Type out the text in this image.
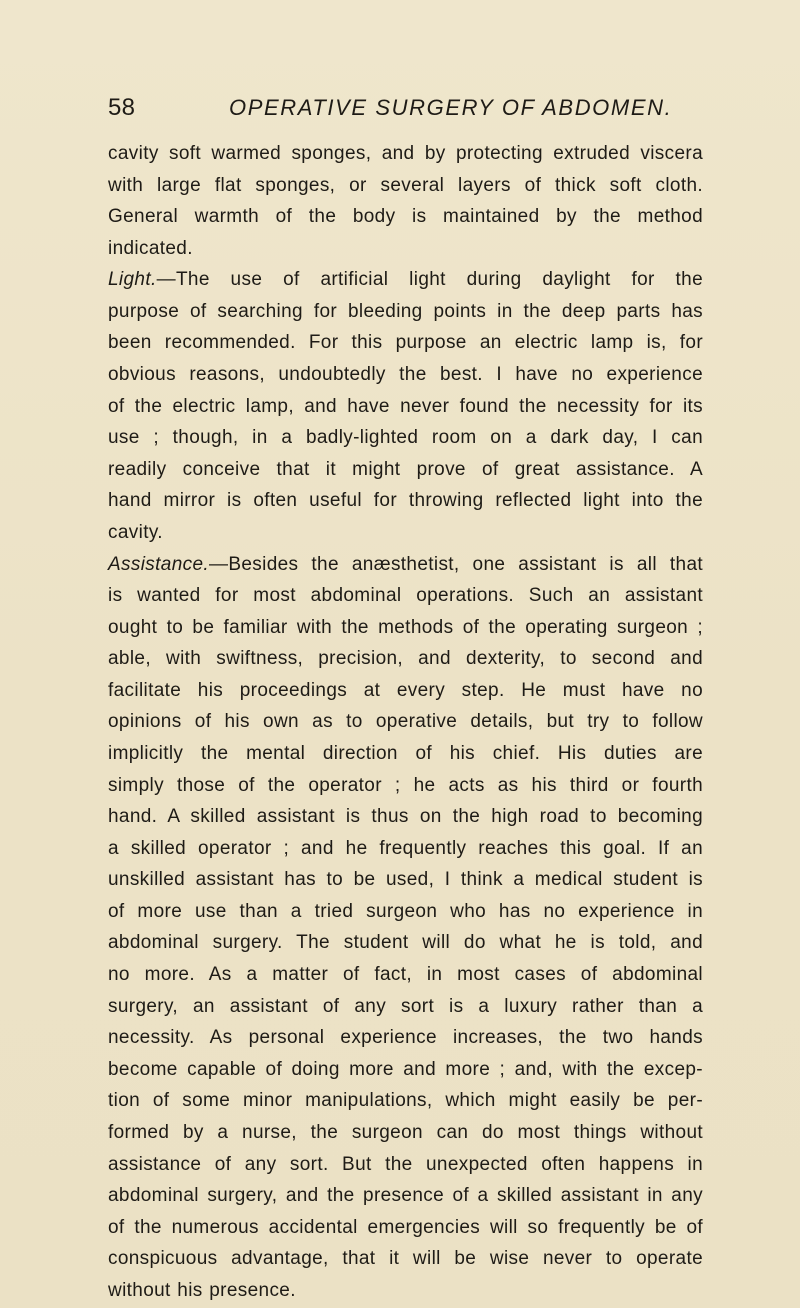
58	OPERATIVE SURGERY OF ABDOMEN.
cavity soft warmed sponges, and by protecting extruded viscera
with large flat sponges, or several layers of thick soft cloth.
General warmth of the body is maintained by the method
indicated.
Light.—The use of artificial light during daylight for the
purpose of searching for bleeding points in the deep parts has
been recommended. For this purpose an electric lamp is, for
obvious reasons, undoubtedly the best. I have no experience
of the electric lamp, and have never found the necessity for its
use ; though, in a badly-lighted room on a dark day, I can
readily conceive that it might prove of great assistance. A
hand mirror is often useful for throwing reflected light into the
cavity.
Assistance.—Besides the anæsthetist, one assistant is all that
is wanted for most abdominal operations. Such an assistant
ought to be familiar with the methods of the operating surgeon ;
able, with swiftness, precision, and dexterity, to second and
facilitate his proceedings at every step. He must have no
opinions of his own as to operative details, but try to follow
implicitly the mental direction of his chief. His duties are
simply those of the operator ; he acts as his third or fourth
hand. A skilled assistant is thus on the high road to becoming
a skilled operator ; and he frequently reaches this goal. If an
unskilled assistant has to be used, I think a medical student is
of more use than a tried surgeon who has no experience in
abdominal surgery. The student will do what he is told, and
no more. As a matter of fact, in most cases of abdominal
surgery, an assistant of any sort is a luxury rather than a
necessity. As personal experience increases, the two hands
become capable of doing more and more ; and, with the excep-
tion of some minor manipulations, which might easily be per-
formed by a nurse, the surgeon can do most things without
assistance of any sort. But the unexpected often happens in
abdominal surgery, and the presence of a skilled assistant in any
of the numerous accidental emergencies will so frequently be of
conspicuous advantage, that it will be wise never to operate
without his presence.
